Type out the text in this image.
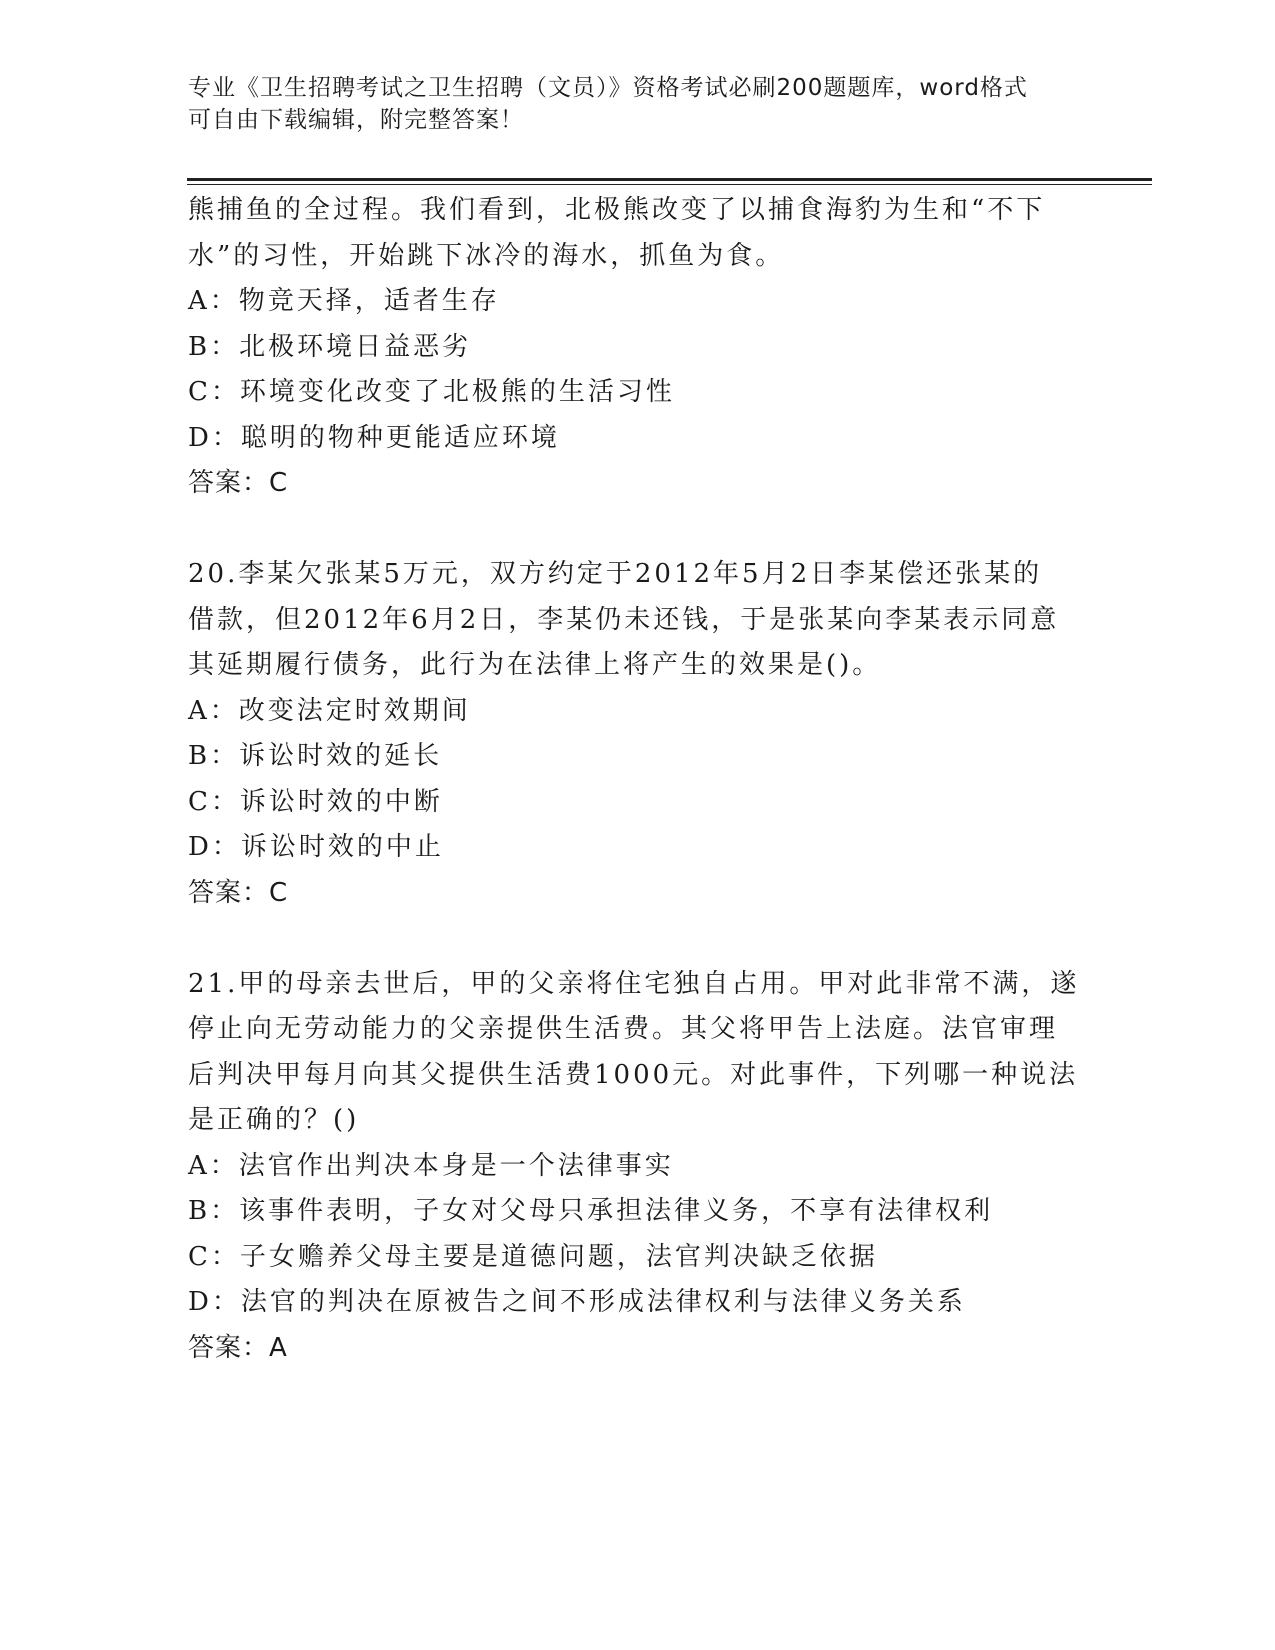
专业《卫生招聘考试之卫生招聘（文员）》资格考试必刷200题题库，word格式
可自由下载编辑，附完整答案！
熊捕鱼的全过程。我们看到，北极熊改变了以捕食海豹为生和“不下
水”的习性，开始跳下冰冷的海水，抓鱼为食。
A：物竞天择，适者生存
B：北极环境日益恶劣
C：环境变化改变了北极熊的生活习性
D：聪明的物种更能适应环境
答案：C
20.李某欠张某5万元，双方约定于2012年5月2日李某偿还张某的
借款，但2012年6月2日，李某仍未还钱，于是张某向李某表示同意
其延期履行债务，此行为在法律上将产生的效果是()。
A：改变法定时效期间
B：诉讼时效的延长
C：诉讼时效的中断
D：诉讼时效的中止
答案：C
21.甲的母亲去世后，甲的父亲将住宅独自占用。甲对此非常不满，遂
停止向无劳动能力的父亲提供生活费。其父将甲告上法庭。法官审理
后判决甲每月向其父提供生活费1000元。对此事件，下列哪一种说法
是正确的？()
A：法官作出判决本身是一个法律事实
B：该事件表明，子女对父母只承担法律义务，不享有法律权利
C：子女赡养父母主要是道德问题，法官判决缺乏依据
D：法官的判决在原被告之间不形成法律权利与法律义务关系
答案：A
